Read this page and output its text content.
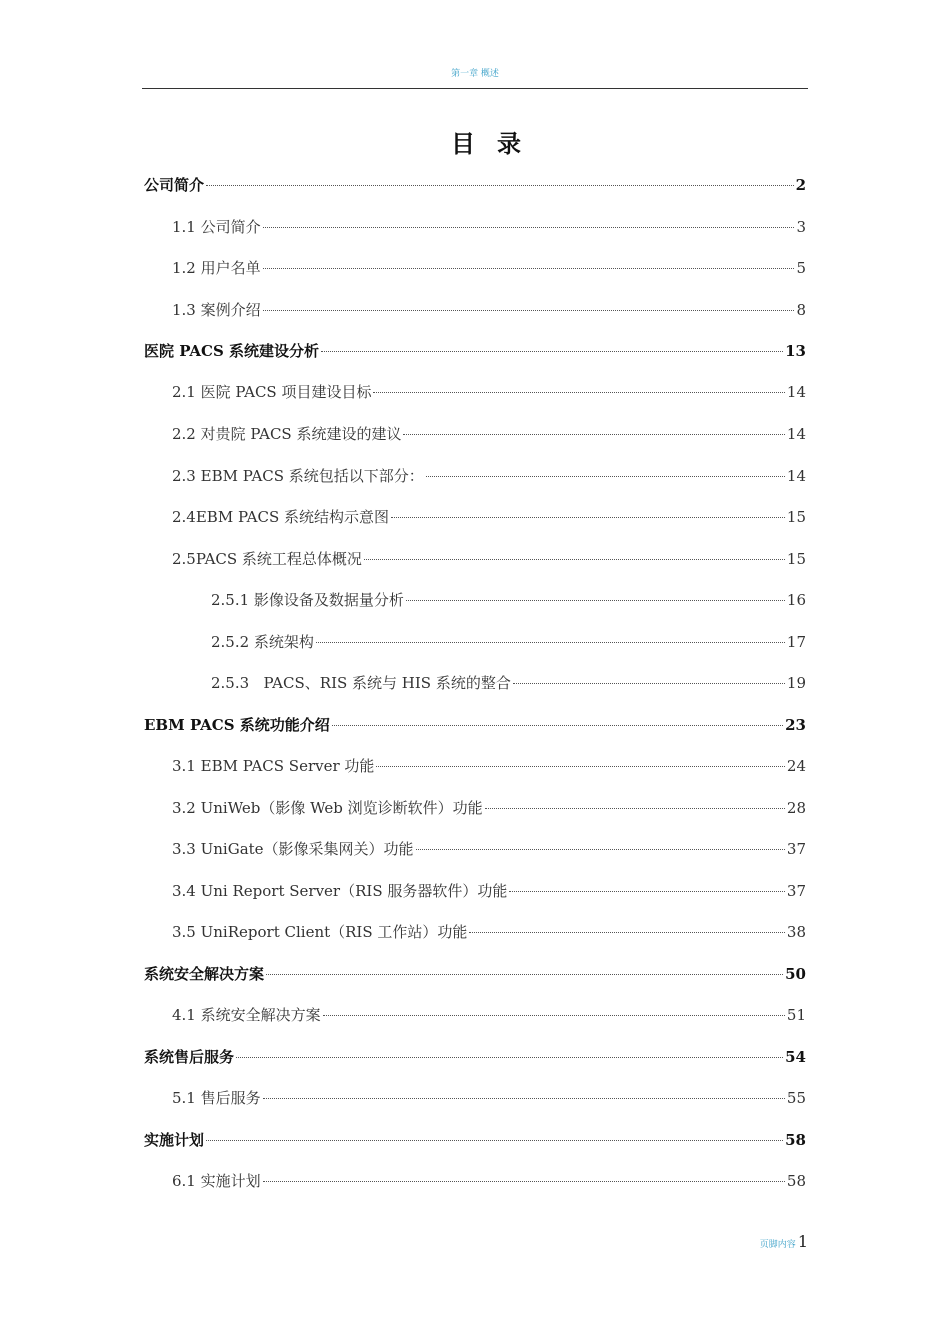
第一章 概述
目录
公司简介	2
1.1 公司简介	3
1.2 用户名单	5
1.3 案例介绍	8
医院 PACS 系统建设分析	13
2.1 医院 PACS 项目建设目标	14
2.2 对贵院 PACS 系统建设的建议	14
2.3 EBM PACS 系统包括以下部分：	14
2.4EBM PACS 系统结构示意图	15
2.5PACS 系统工程总体概况	15
2.5.1 影像设备及数据量分析	16
2.5.2 系统架构	17
2.5.3   PACS、RIS 系统与 HIS 系统的整合	19
EBM PACS 系统功能介绍	23
3.1 EBM PACS Server 功能	24
3.2 UniWeb（影像 Web 浏览诊断软件）功能	28
3.3 UniGate（影像采集网关）功能	37
3.4 Uni Report Server（RIS 服务器软件）功能	37
3.5 UniReport Client（RIS 工作站）功能	38
系统安全解决方案	50
4.1 系统安全解决方案	51
系统售后服务	54
5.1 售后服务	55
实施计划	58
6.1 实施计划	58
页脚内容 1
